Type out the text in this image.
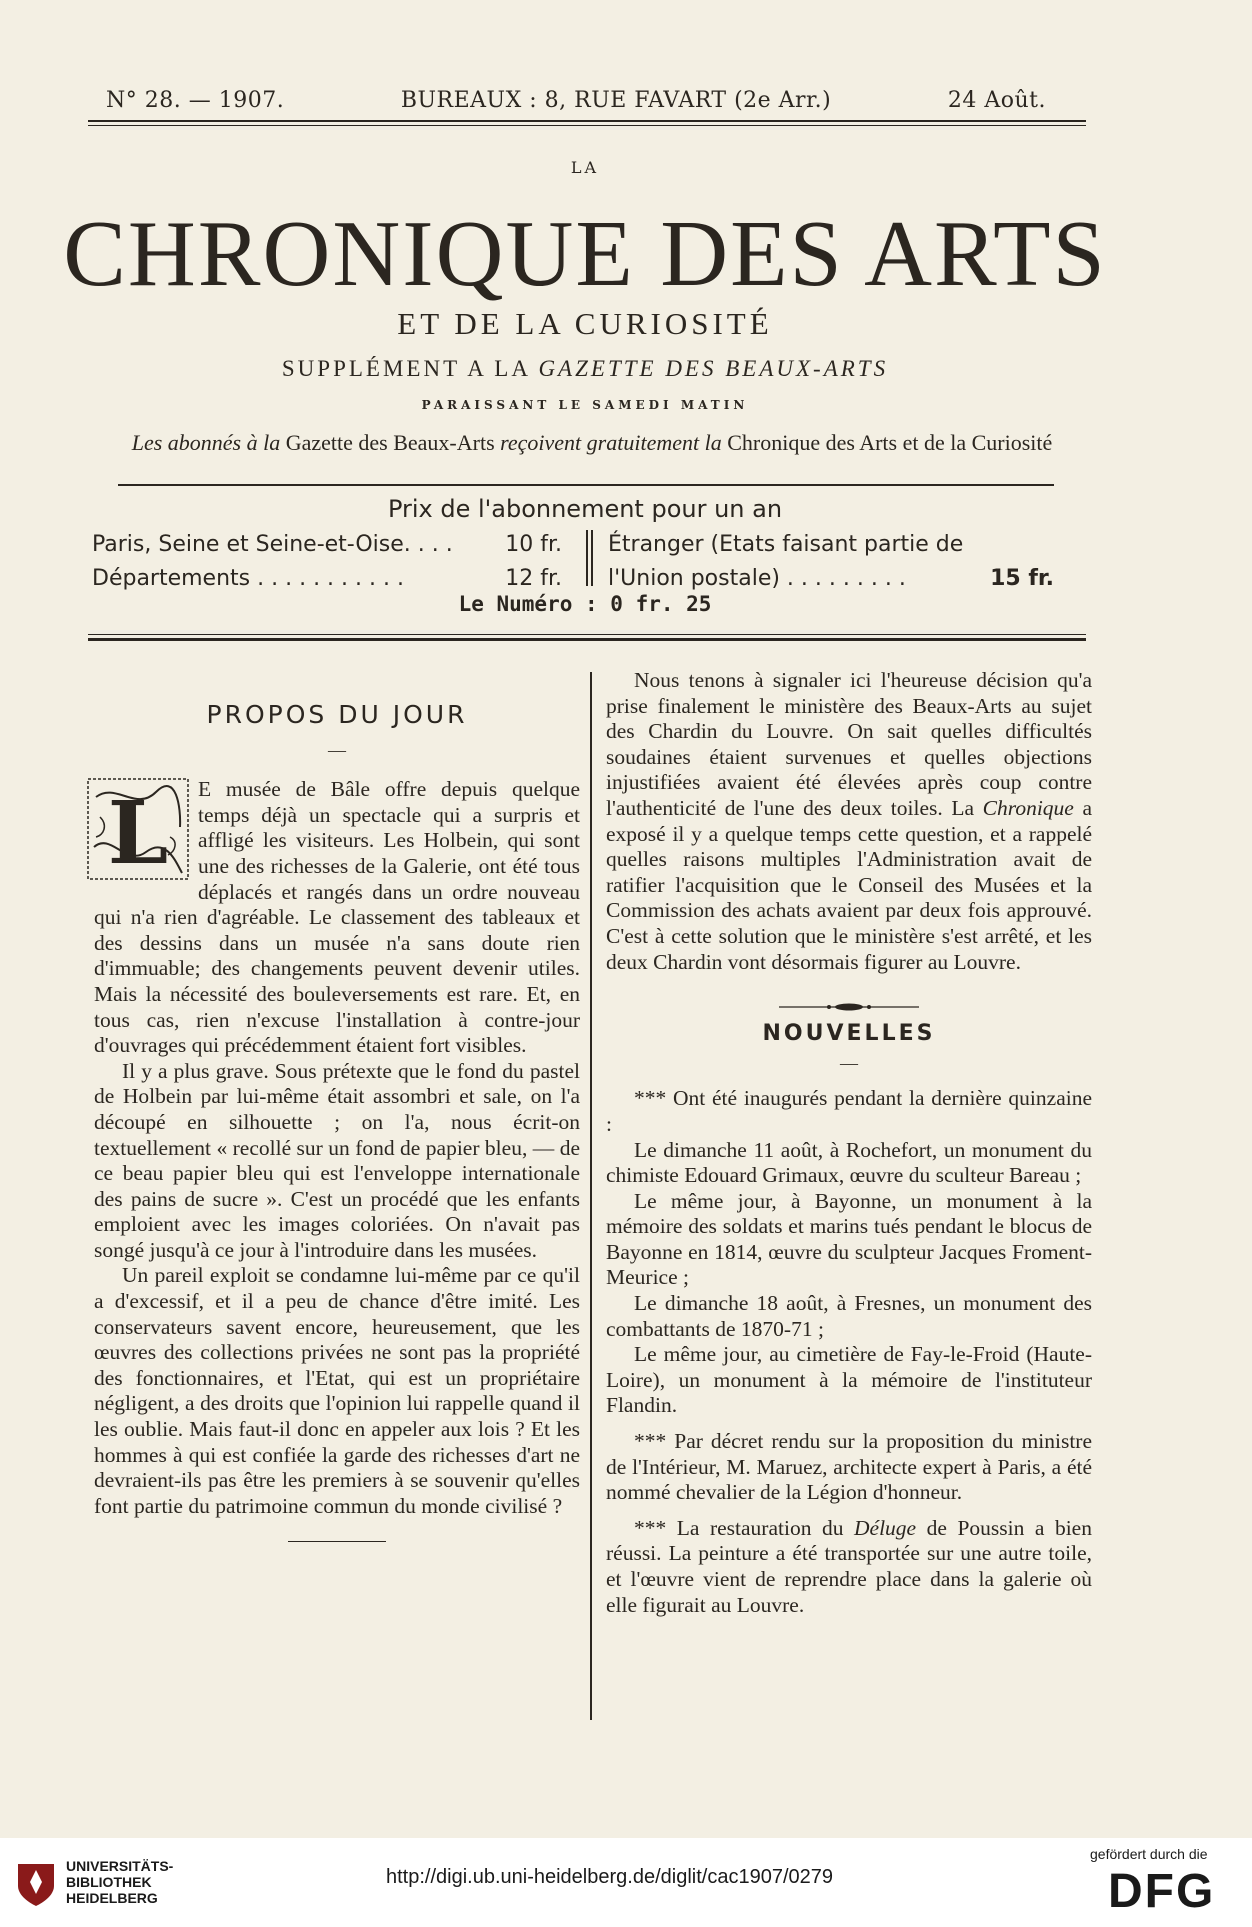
N° 28. — 1907.	BUREAUX : 8, RUE FAVART (2e Arr.)	24 Août.
LA
CHRONIQUE DES ARTS
ET DE LA CURIOSITÉ
SUPPLÉMENT A LA GAZETTE DES BEAUX-ARTS
PARAISSANT LE SAMEDI MATIN
Les abonnés à la Gazette des Beaux-Arts reçoivent gratuitement la Chronique des Arts et de la Curiosité
Prix de l'abonnement pour un an
Paris, Seine et Seine-et-Oise. . . . 10 fr.
Départements . . . . . . . . . . .	12 fr.
Étranger (Etats faisant partie de
l'Union postale) . . . . . . . . .	15 fr.
Le Numéro : 0 fr. 25
PROPOS DU JOUR
—

L E musée de Bâle offre depuis quelque temps déjà un spectacle qui a surpris et affligé les visiteurs. Les Holbein, qui sont une des richesses de la Galerie, ont été tous déplacés et rangés dans un ordre nouveau qui n'a rien d'agréable. Le classement des tableaux et des dessins dans un musée n'a sans doute rien d'immuable; des changements peuvent devenir utiles. Mais la nécessité des bouleversements est rare. Et, en tous cas, rien n'excuse l'installation à contre-jour d'ouvrages qui précédemment étaient fort visibles.

Il y a plus grave. Sous prétexte que le fond du pastel de Holbein par lui-même était assombri et sale, on l'a découpé en silhouette ; on l'a, nous écrit-on textuellement « recollé sur un fond de papier bleu, — de ce beau papier bleu qui est l'enveloppe internationale des pains de sucre ». C'est un procédé que les enfants emploient avec les images coloriées. On n'avait pas songé jusqu'à ce jour à l'introduire dans les musées.

Un pareil exploit se condamne lui-même par ce qu'il a d'excessif, et il a peu de chance d'être imité. Les conservateurs savent encore, heureusement, que les œuvres des collections privées ne sont pas la propriété des fonctionnaires, et l'Etat, qui est un propriétaire négligent, a des droits que l'opinion lui rappelle quand il les oublie. Mais faut-il donc en appeler aux lois ? Et les hommes à qui est confiée la garde des richesses d'art ne devraient-ils pas être les premiers à se souvenir qu'elles font partie du patrimoine commun du monde civilisé ?

Nous tenons à signaler ici l'heureuse décision qu'a prise finalement le ministère des Beaux-Arts au sujet des Chardin du Louvre. On sait quelles difficultés soudaines étaient survenues et quelles objections injustifiées avaient été élevées après coup contre l'authenticité de l'une des deux toiles. La Chronique a exposé il y a quelque temps cette question, et a rappelé quelles raisons multiples l'Administration avait de ratifier l'acquisition que le Conseil des Musées et la Commission des achats avaient par deux fois approuvé. C'est à cette solution que le ministère s'est arrêté, et les deux Chardin vont désormais figurer au Louvre.

NOUVELLES
—

*** Ont été inaugurés pendant la dernière quinzaine :

Le dimanche 11 août, à Rochefort, un monument du chimiste Edouard Grimaux, œuvre du sculteur Bareau ;

Le même jour, à Bayonne, un monument à la mémoire des soldats et marins tués pendant le blocus de Bayonne en 1814, œuvre du sculpteur Jacques Froment-Meurice ;

Le dimanche 18 août, à Fresnes, un monument des combattants de 1870-71 ;

Le même jour, au cimetière de Fay-le-Froid (Haute-Loire), un monument à la mémoire de l'instituteur Flandin.

*** Par décret rendu sur la proposition du ministre de l'Intérieur, M. Maruez, architecte expert à Paris, a été nommé chevalier de la Légion d'honneur.

*** La restauration du Déluge de Poussin a bien réussi. La peinture a été transportée sur une autre toile, et l'œuvre vient de reprendre place dans la galerie où elle figurait au Louvre.

UNIVERSITÄTS-
BIBLIOTHEK
HEIDELBERG
http://digi.ub.uni-heidelberg.de/diglit/cac1907/0279
gefördert durch die
DFG
